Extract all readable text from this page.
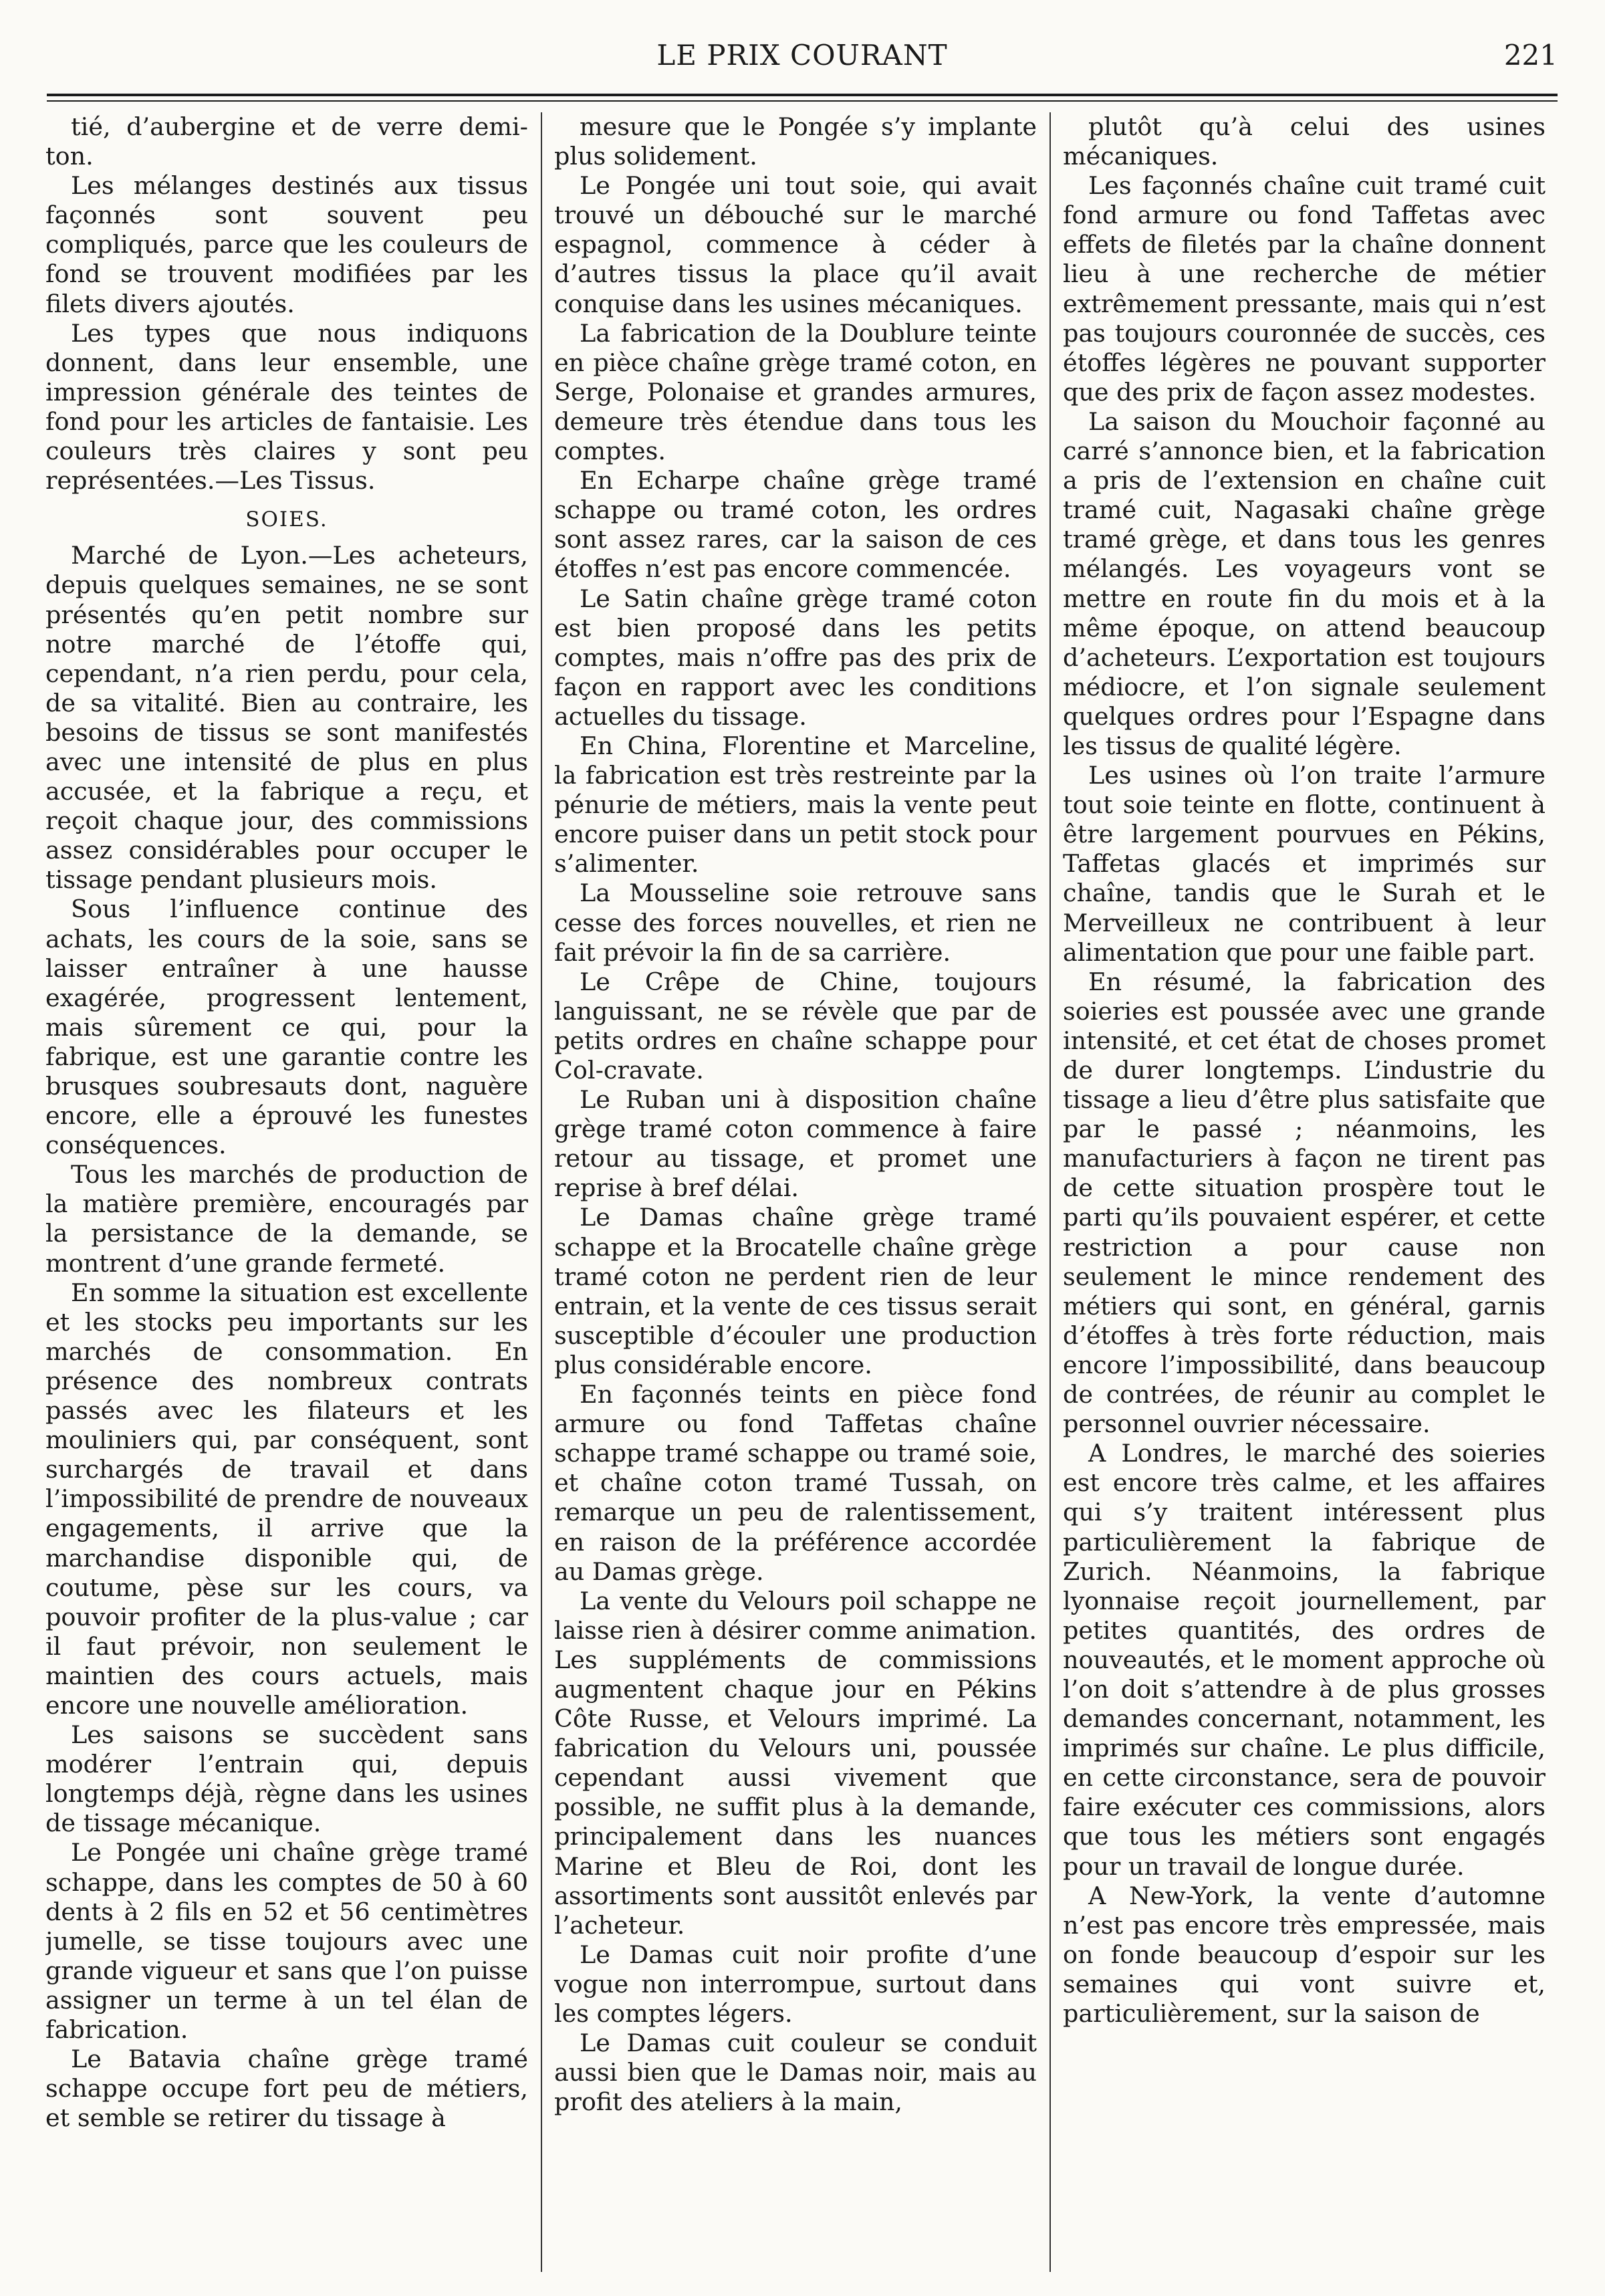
LE PRIX COURANT	221

tié, d’aubergine et de verre demi-ton.

Les mélanges destinés aux tissus façonnés sont souvent peu compliqués, parce que les couleurs de fond se trouvent modifiées par les filets divers ajoutés.

Les types que nous indiquons donnent, dans leur ensemble, une impression générale des teintes de fond pour les articles de fantaisie. Les couleurs très claires y sont peu représentées.—Les Tissus.

SOIES.

Marché de Lyon.—Les acheteurs, depuis quelques semaines, ne se sont présentés qu’en petit nombre sur notre marché de l’étoffe qui, cependant, n’a rien perdu, pour cela, de sa vitalité. Bien au contraire, les besoins de tissus se sont manifestés avec une intensité de plus en plus accusée, et la fabrique a reçu, et reçoit chaque jour, des commissions assez considérables pour occuper le tissage pendant plusieurs mois.

Sous l’influence continue des achats, les cours de la soie, sans se laisser entraîner à une hausse exagérée, progressent lentement, mais sûrement ce qui, pour la fabrique, est une garantie contre les brusques soubresauts dont, naguère encore, elle a éprouvé les funestes conséquences.

Tous les marchés de production de la matière première, encouragés par la persistance de la demande, se montrent d’une grande fermeté.

En somme la situation est excellente et les stocks peu importants sur les marchés de consommation. En présence des nombreux contrats passés avec les filateurs et les mouliniers qui, par conséquent, sont surchargés de travail et dans l’impossibilité de prendre de nouveaux engagements, il arrive que la marchandise disponible qui, de coutume, pèse sur les cours, va pouvoir profiter de la plus-value ; car il faut prévoir, non seulement le maintien des cours actuels, mais encore une nouvelle amélioration.

Les saisons se succèdent sans modérer l’entrain qui, depuis longtemps déjà, règne dans les usines de tissage mécanique.

Le Pongée uni chaîne grège tramé schappe, dans les comptes de 50 à 60 dents à 2 fils en 52 et 56 centimètres jumelle, se tisse toujours avec une grande vigueur et sans que l’on puisse assigner un terme à un tel élan de fabrication.

Le Batavia chaîne grège tramé schappe occupe fort peu de métiers, et semble se retirer du tissage à

mesure que le Pongée s’y implante plus solidement.

Le Pongée uni tout soie, qui avait trouvé un débouché sur le marché espagnol, commence à céder à d’autres tissus la place qu’il avait conquise dans les usines mécaniques.

La fabrication de la Doublure teinte en pièce chaîne grège tramé coton, en Serge, Polonaise et grandes armures, demeure très étendue dans tous les comptes.

En Echarpe chaîne grège tramé schappe ou tramé coton, les ordres sont assez rares, car la saison de ces étoffes n’est pas encore commencée.

Le Satin chaîne grège tramé coton est bien proposé dans les petits comptes, mais n’offre pas des prix de façon en rapport avec les conditions actuelles du tissage.

En China, Florentine et Marceline, la fabrication est très restreinte par la pénurie de métiers, mais la vente peut encore puiser dans un petit stock pour s’alimenter.

La Mousseline soie retrouve sans cesse des forces nouvelles, et rien ne fait prévoir la fin de sa carrière.

Le Crêpe de Chine, toujours languissant, ne se révèle que par de petits ordres en chaîne schappe pour Col-cravate.

Le Ruban uni à disposition chaîne grège tramé coton commence à faire retour au tissage, et promet une reprise à bref délai.

Le Damas chaîne grège tramé schappe et la Brocatelle chaîne grège tramé coton ne perdent rien de leur entrain, et la vente de ces tissus serait susceptible d’écouler une production plus considérable encore.

En façonnés teints en pièce fond armure ou fond Taffetas chaîne schappe tramé schappe ou tramé soie, et chaîne coton tramé Tussah, on remarque un peu de ralentissement, en raison de la préférence accordée au Damas grège.

La vente du Velours poil schappe ne laisse rien à désirer comme animation. Les suppléments de commissions augmentent chaque jour en Pékins Côte Russe, et Velours imprimé. La fabrication du Velours uni, poussée cependant aussi vivement que possible, ne suffit plus à la demande, principalement dans les nuances Marine et Bleu de Roi, dont les assortiments sont aussitôt enlevés par l’acheteur.

Le Damas cuit noir profite d’une vogue non interrompue, surtout dans les comptes légers.

Le Damas cuit couleur se conduit aussi bien que le Damas noir, mais au profit des ateliers à la main,

plutôt qu’à celui des usines mécaniques.

Les façonnés chaîne cuit tramé cuit fond armure ou fond Taffetas avec effets de filetés par la chaîne donnent lieu à une recherche de métier extrêmement pressante, mais qui n’est pas toujours couronnée de succès, ces étoffes légères ne pouvant supporter que des prix de façon assez modestes.

La saison du Mouchoir façonné au carré s’annonce bien, et la fabrication a pris de l’extension en chaîne cuit tramé cuit, Nagasaki chaîne grège tramé grège, et dans tous les genres mélangés. Les voyageurs vont se mettre en route fin du mois et à la même époque, on attend beaucoup d’acheteurs. L’exportation est toujours médiocre, et l’on signale seulement quelques ordres pour l’Espagne dans les tissus de qualité légère.

Les usines où l’on traite l’armure tout soie teinte en flotte, continuent à être largement pourvues en Pékins, Taffetas glacés et imprimés sur chaîne, tandis que le Surah et le Merveilleux ne contribuent à leur alimentation que pour une faible part.

En résumé, la fabrication des soieries est poussée avec une grande intensité, et cet état de choses promet de durer longtemps. L’industrie du tissage a lieu d’être plus satisfaite que par le passé ; néanmoins, les manufacturiers à façon ne tirent pas de cette situation prospère tout le parti qu’ils pouvaient espérer, et cette restriction a pour cause non seulement le mince rendement des métiers qui sont, en général, garnis d’étoffes à très forte réduction, mais encore l’impossibilité, dans beaucoup de contrées, de réunir au complet le personnel ouvrier nécessaire.

A Londres, le marché des soieries est encore très calme, et les affaires qui s’y traitent intéressent plus particulièrement la fabrique de Zurich. Néanmoins, la fabrique lyonnaise reçoit journellement, par petites quantités, des ordres de nouveautés, et le moment approche où l’on doit s’attendre à de plus grosses demandes concernant, notamment, les imprimés sur chaîne. Le plus difficile, en cette circonstance, sera de pouvoir faire exécuter ces commissions, alors que tous les métiers sont engagés pour un travail de longue durée.

A New-York, la vente d’automne n’est pas encore très empressée, mais on fonde beaucoup d’espoir sur les semaines qui vont suivre et, particulièrement, sur la saison de
